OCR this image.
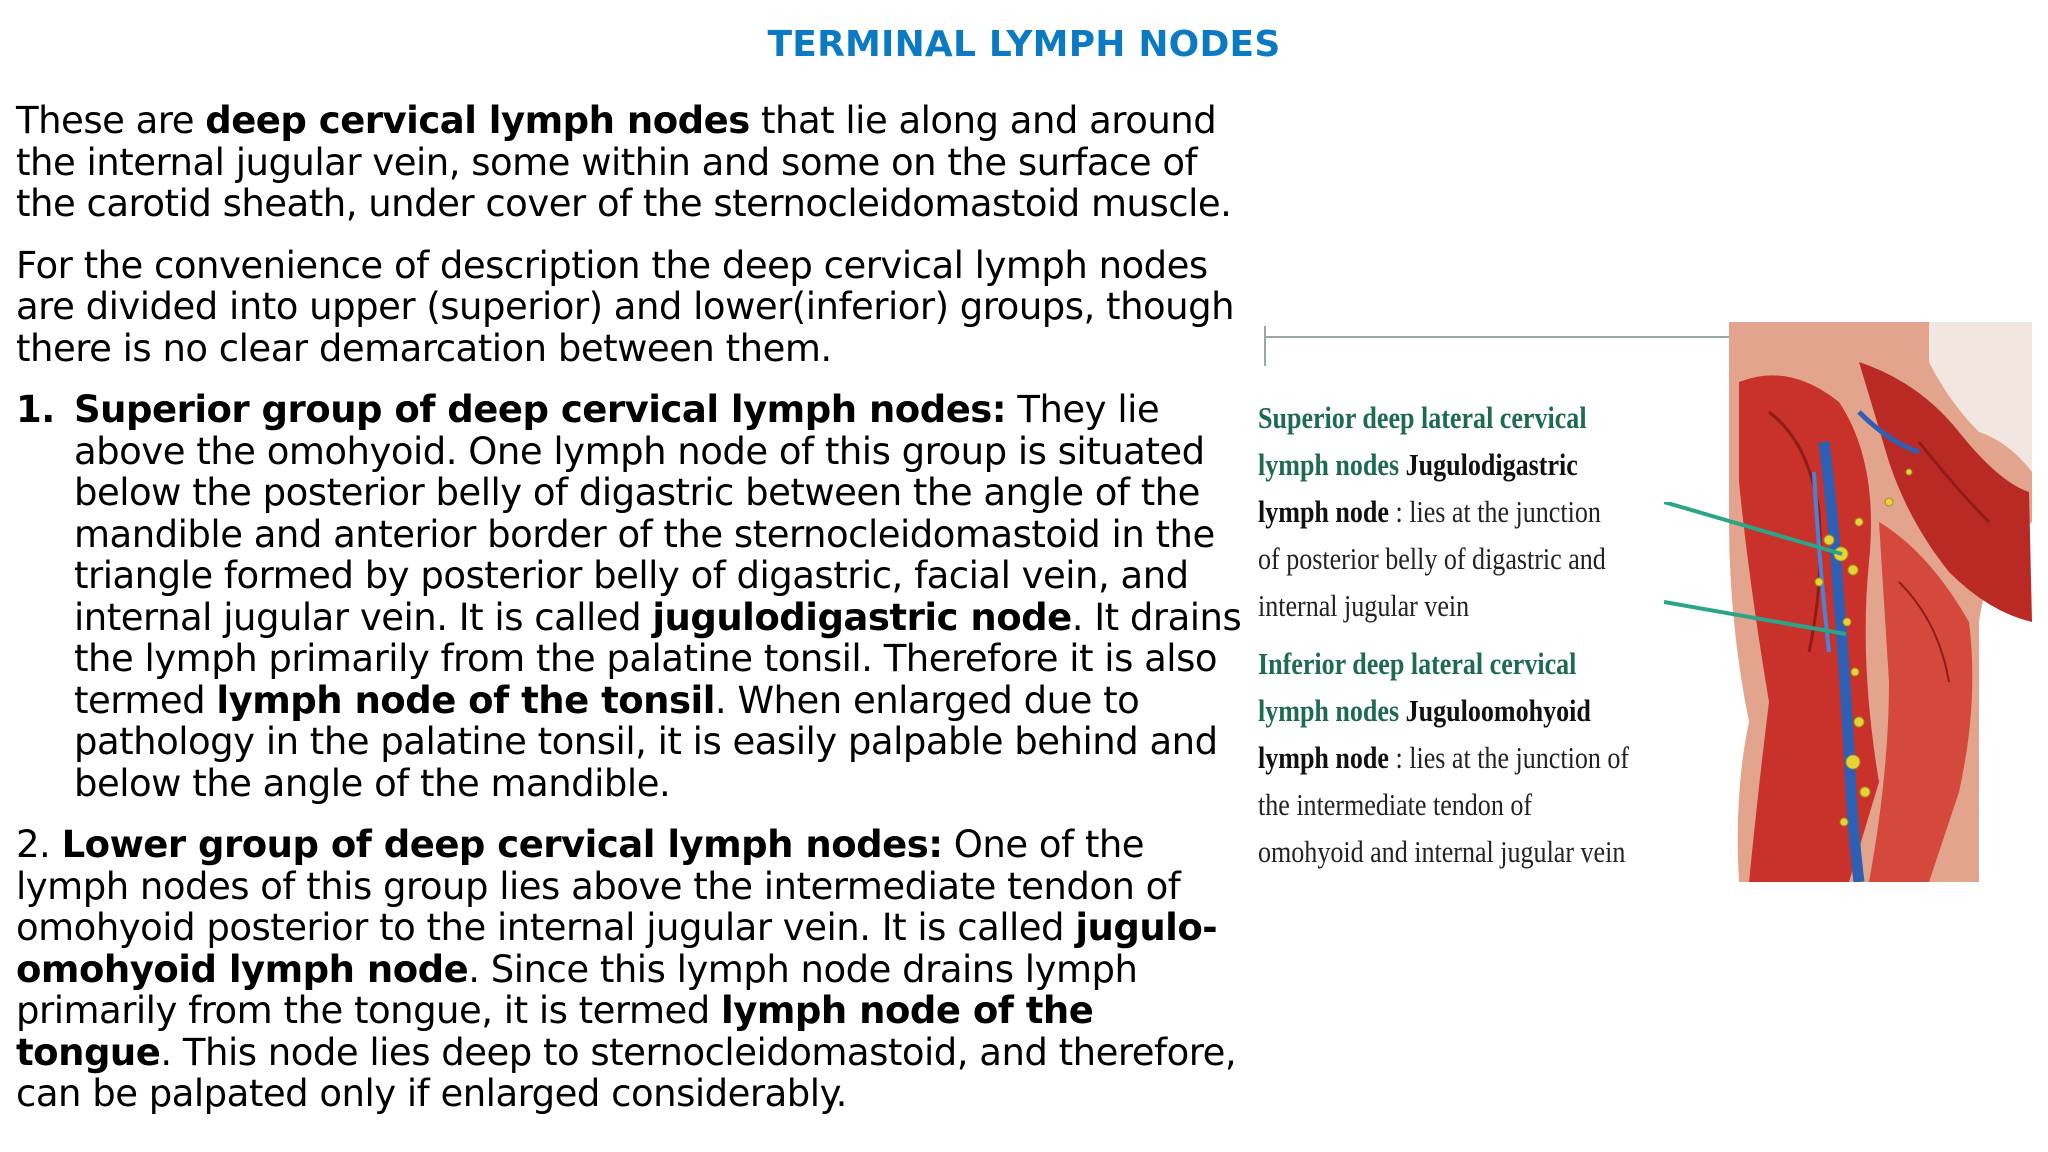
TERMINAL LYMPH NODES

These are deep cervical lymph nodes that lie along and around the internal jugular vein, some within and some on the surface of the carotid sheath, under cover of the sternocleidomastoid muscle.

For the convenience of description the deep cervical lymph nodes are divided into upper (superior) and lower(inferior) groups, though there is no clear demarcation between them.

1. Superior group of deep cervical lymph nodes: They lie above the omohyoid. One lymph node of this group is situated below the posterior belly of digastric between the angle of the mandible and anterior border of the sternocleidomastoid in the triangle formed by posterior belly of digastric, facial vein, and internal jugular vein. It is called jugulodigastric node. It drains the lymph primarily from the palatine tonsil. Therefore it is also termed lymph node of the tonsil. When enlarged due to pathology in the palatine tonsil, it is easily palpable behind and below the angle of the mandible.

2. Lower group of deep cervical lymph nodes: One of the lymph nodes of this group lies above the intermediate tendon of omohyoid posterior to the internal jugular vein. It is called jugulo-omohyoid lymph node. Since this lymph node drains lymph primarily from the tongue, it is termed lymph node of the tongue. This node lies deep to sternocleidomastoid, and therefore, can be palpated only if enlarged considerably.

Superior deep lateral cervical
lymph nodes Jugulodigastric
lymph node : lies at the junction
of posterior belly of digastric and
internal jugular vein
Inferior deep lateral cervical
lymph nodes Juguloomohyoid
lymph node : lies at the junction of
the intermediate tendon of
omohyoid and internal jugular vein
